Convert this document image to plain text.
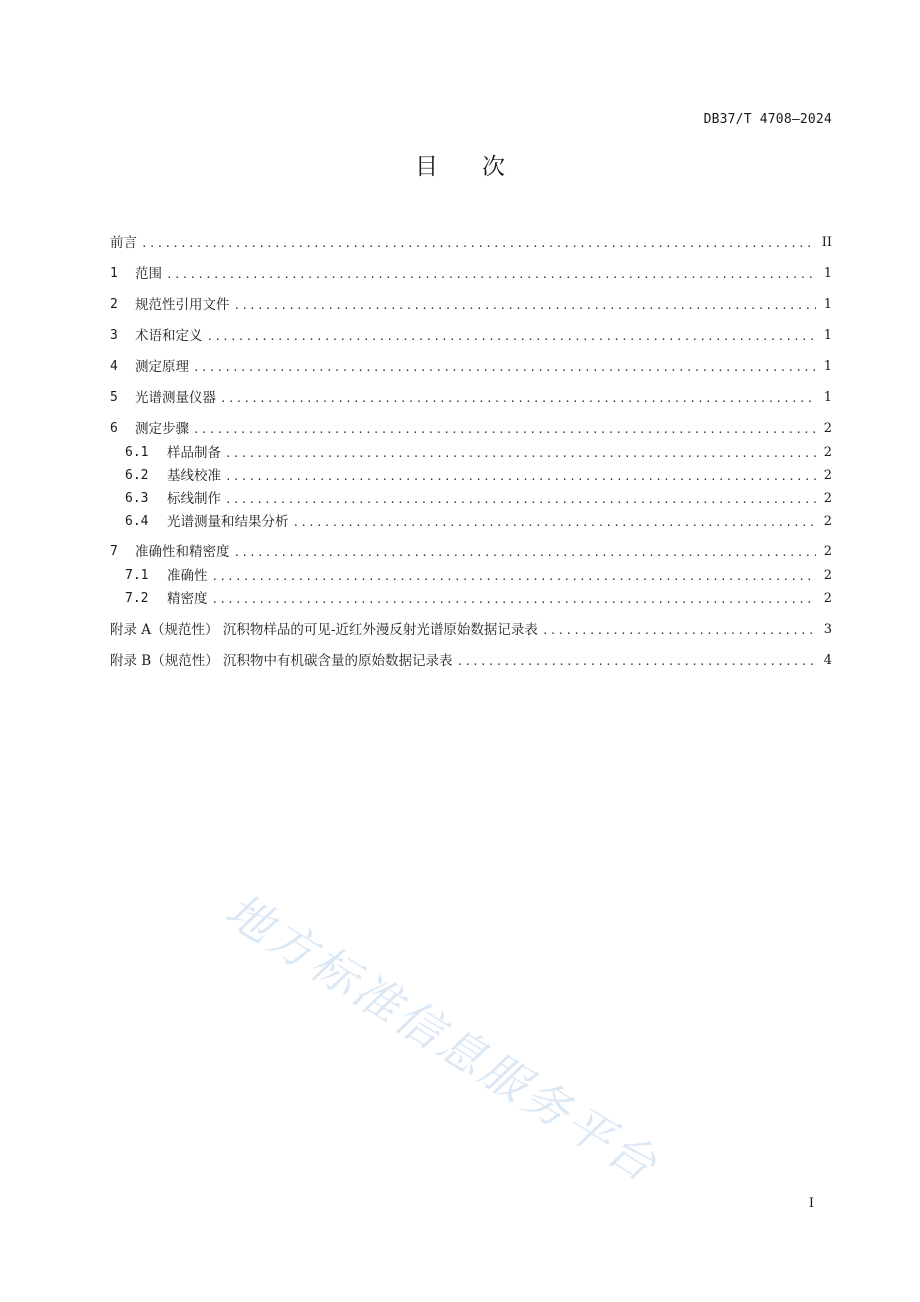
DB37/T 4708—2024
目 次
前言 .....	II
1	范围 .....	1
2	规范性引用文件 .....	1
3	术语和定义 .....	1
4	测定原理 .....	1
5	光谱测量仪器 .....	1
6	测定步骤 .....	2
6.1	样品制备 .....	2
6.2	基线校准 .....	2
6.3	标线制作 .....	2
6.4	光谱测量和结果分析 .....	2
7	准确性和精密度 .....	2
7.1	准确性 .....	2
7.2	精密度 .....	2
附录 A（规范性） 沉积物样品的可见-近红外漫反射光谱原始数据记录表 .....	3
附录 B（规范性） 沉积物中有机碳含量的原始数据记录表 .....	4
地方标准信息服务平台
I
